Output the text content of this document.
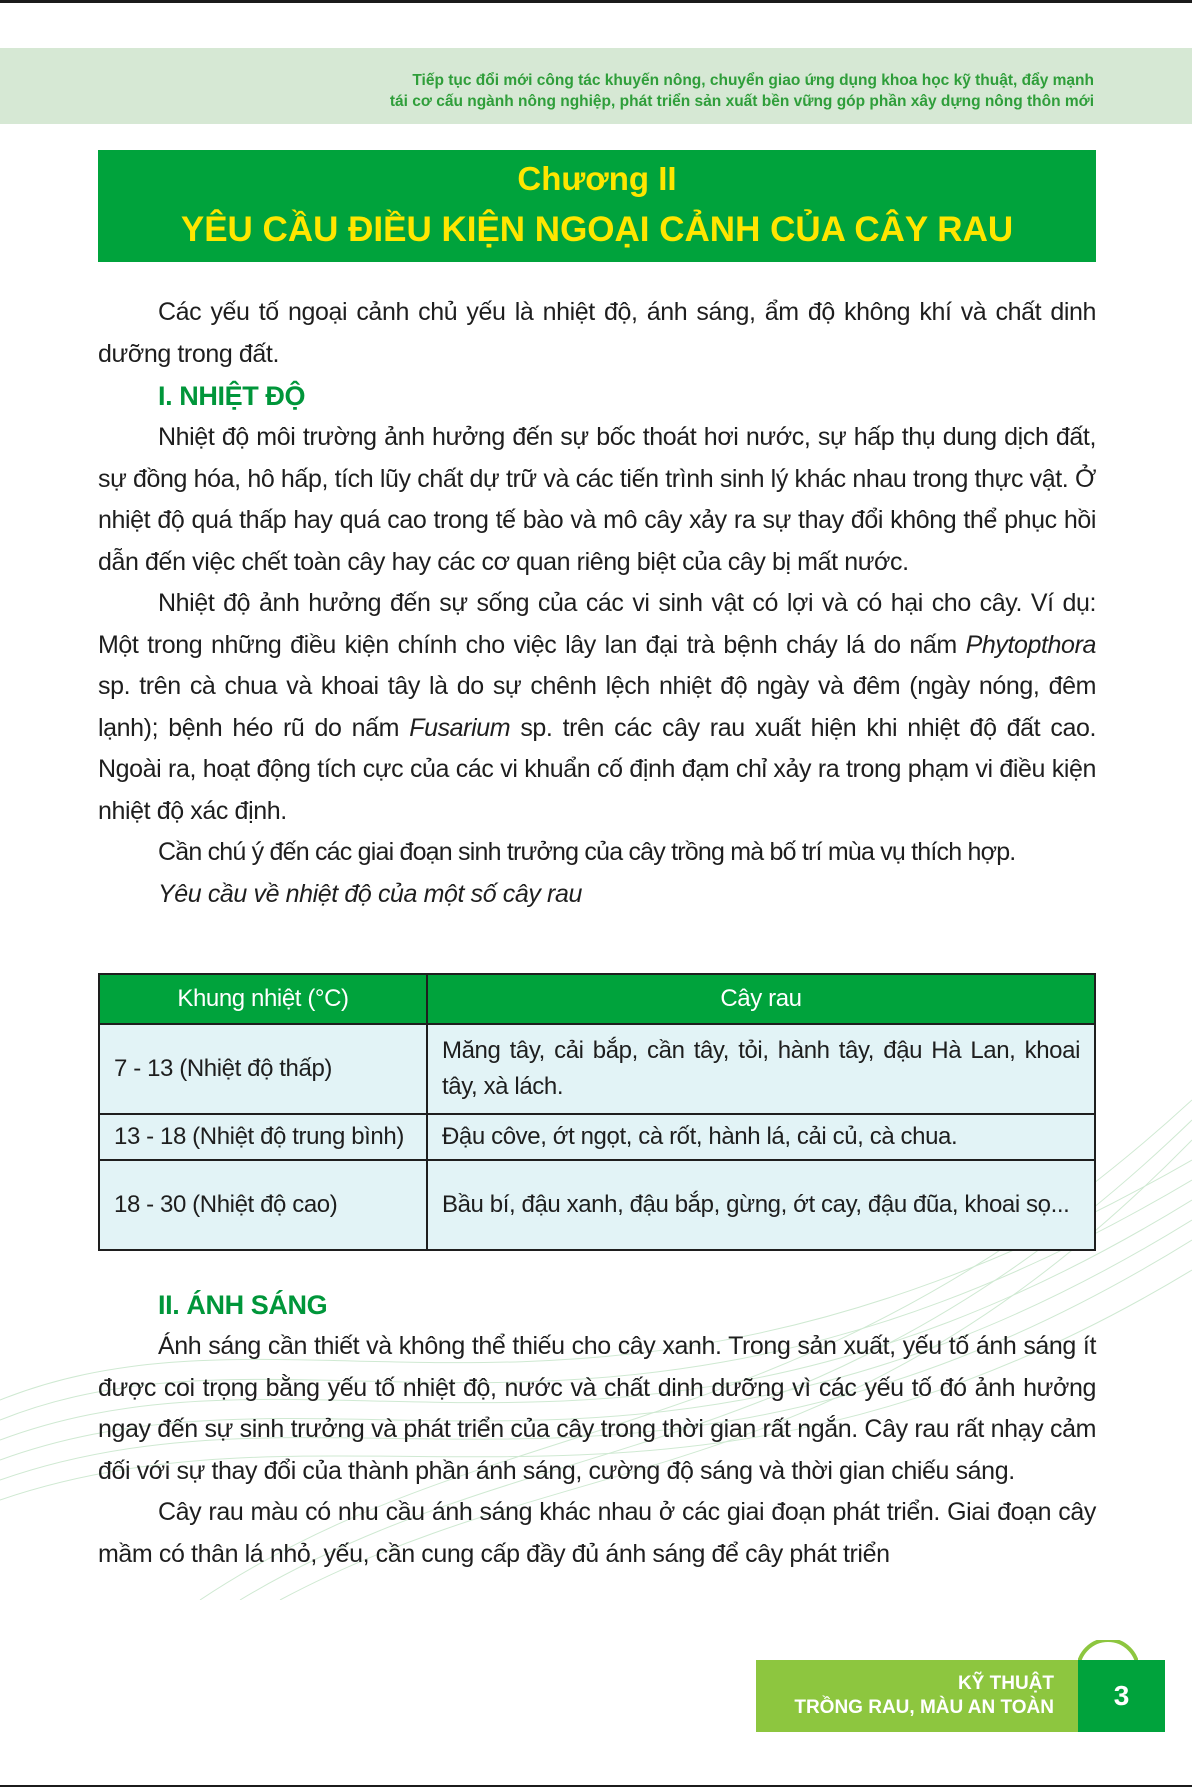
Tiếp tục đổi mới công tác khuyến nông, chuyển giao ứng dụng khoa học kỹ thuật, đẩy mạnh
tái cơ cấu ngành nông nghiệp, phát triển sản xuất bền vững góp phần xây dựng nông thôn mới
Chương II
YÊU CẦU ĐIỀU KIỆN NGOẠI CẢNH CỦA CÂY RAU

Các yếu tố ngoại cảnh chủ yếu là nhiệt độ, ánh sáng, ẩm độ không khí và chất dinh dưỡng trong đất.

I. NHIỆT ĐỘ

Nhiệt độ môi trường ảnh hưởng đến sự bốc thoát hơi nước, sự hấp thụ dung dịch đất, sự đồng hóa, hô hấp, tích lũy chất dự trữ và các tiến trình sinh lý khác nhau trong thực vật. Ở nhiệt độ quá thấp hay quá cao trong tế bào và mô cây xảy ra sự thay đổi không thể phục hồi dẫn đến việc chết toàn cây hay các cơ quan riêng biệt của cây bị mất nước.

Nhiệt độ ảnh hưởng đến sự sống của các vi sinh vật có lợi và có hại cho cây. Ví dụ: Một trong những điều kiện chính cho việc lây lan đại trà bệnh cháy lá do nấm Phytopthora sp. trên cà chua và khoai tây là do sự chênh lệch nhiệt độ ngày và đêm (ngày nóng, đêm lạnh); bệnh héo rũ do nấm Fusarium sp. trên các cây rau xuất hiện khi nhiệt độ đất cao. Ngoài ra, hoạt động tích cực của các vi khuẩn cố định đạm chỉ xảy ra trong phạm vi điều kiện nhiệt độ xác định.

Cần chú ý đến các giai đoạn sinh trưởng của cây trồng mà bố trí mùa vụ thích hợp.

Yêu cầu về nhiệt độ của một số cây rau
Khung nhiệt (°C)	Cây rau
7 - 13 (Nhiệt độ thấp)	Măng tây, cải bắp, cần tây, tỏi, hành tây, đậu Hà Lan, khoai tây, xà lách.
13 - 18 (Nhiệt độ trung bình)	Đậu côve, ớt ngọt, cà rốt, hành lá, cải củ, cà chua.
18 - 30 (Nhiệt độ cao)	Bầu bí, đậu xanh, đậu bắp, gừng, ớt cay, đậu đũa, khoai sọ...
II. ÁNH SÁNG

Ánh sáng cần thiết và không thể thiếu cho cây xanh. Trong sản xuất, yếu tố ánh sáng ít được coi trọng bằng yếu tố nhiệt độ, nước và chất dinh dưỡng vì các yếu tố đó ảnh hưởng ngay đến sự sinh trưởng và phát triển của cây trong thời gian rất ngắn. Cây rau rất nhạy cảm đối với sự thay đổi của thành phần ánh sáng, cường độ sáng và thời gian chiếu sáng.

Cây rau màu có nhu cầu ánh sáng khác nhau ở các giai đoạn phát triển. Giai đoạn cây mầm có thân lá nhỏ, yếu, cần cung cấp đầy đủ ánh sáng để cây phát triển

KỸ THUẬT
TRỒNG RAU, MÀU AN TOÀN	3
